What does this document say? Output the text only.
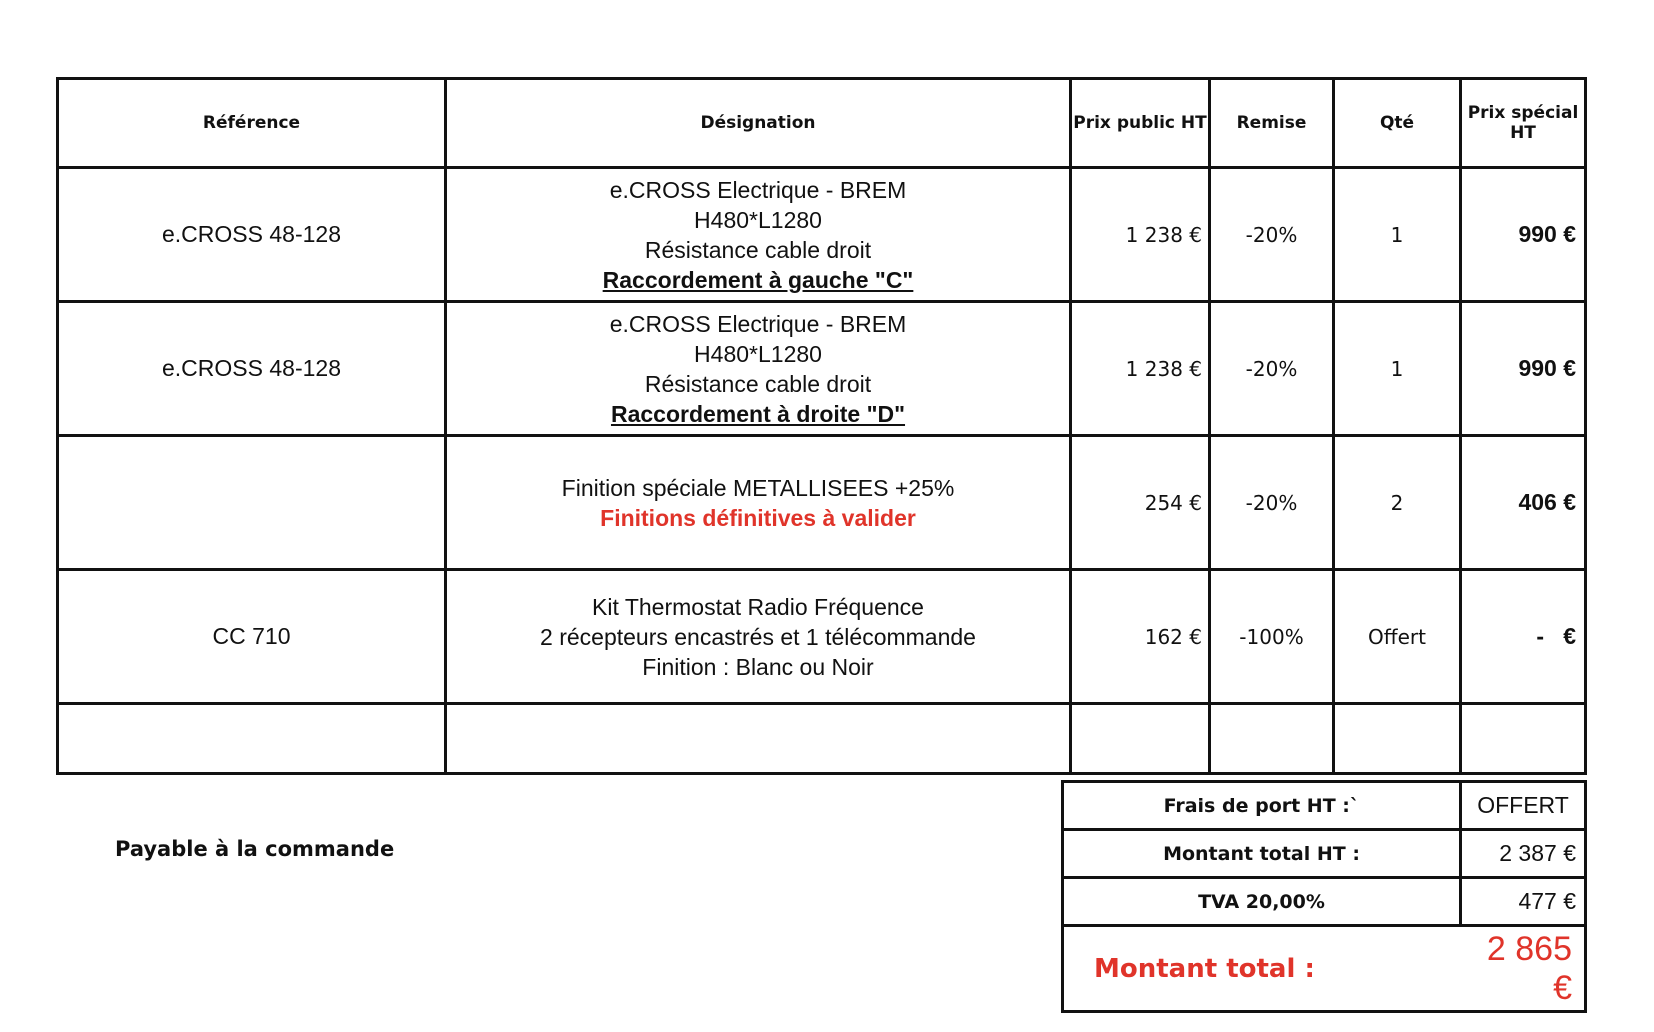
Référence	Désignation	Prix public HT	Remise	Qté	Prix spécial HT
e.CROSS 48-128	e.CROSS Electrique - BREM
H480*L1280
Résistance cable droit
Raccordement à gauche "C"	1 238 €	-20%	1	990 €
e.CROSS 48-128	e.CROSS Electrique - BREM
H480*L1280
Résistance cable droit
Raccordement à droite "D"	1 238 €	-20%	1	990 €

	Finition spéciale METALLISEES +25%
Finitions définitives à valider	254 €	-20%	2	406 €
CC 710	Kit Thermostat Radio Fréquence
2 récepteurs encastrés et 1 télécommande
Finition : Blanc ou Noir	162 €	-100%	Offert	-   €

Payable à la commande
Frais de port HT :`	OFFERT
Montant total HT :	2 387 €
TVA 20,00%	477 €
Montant total :	2 865 €
